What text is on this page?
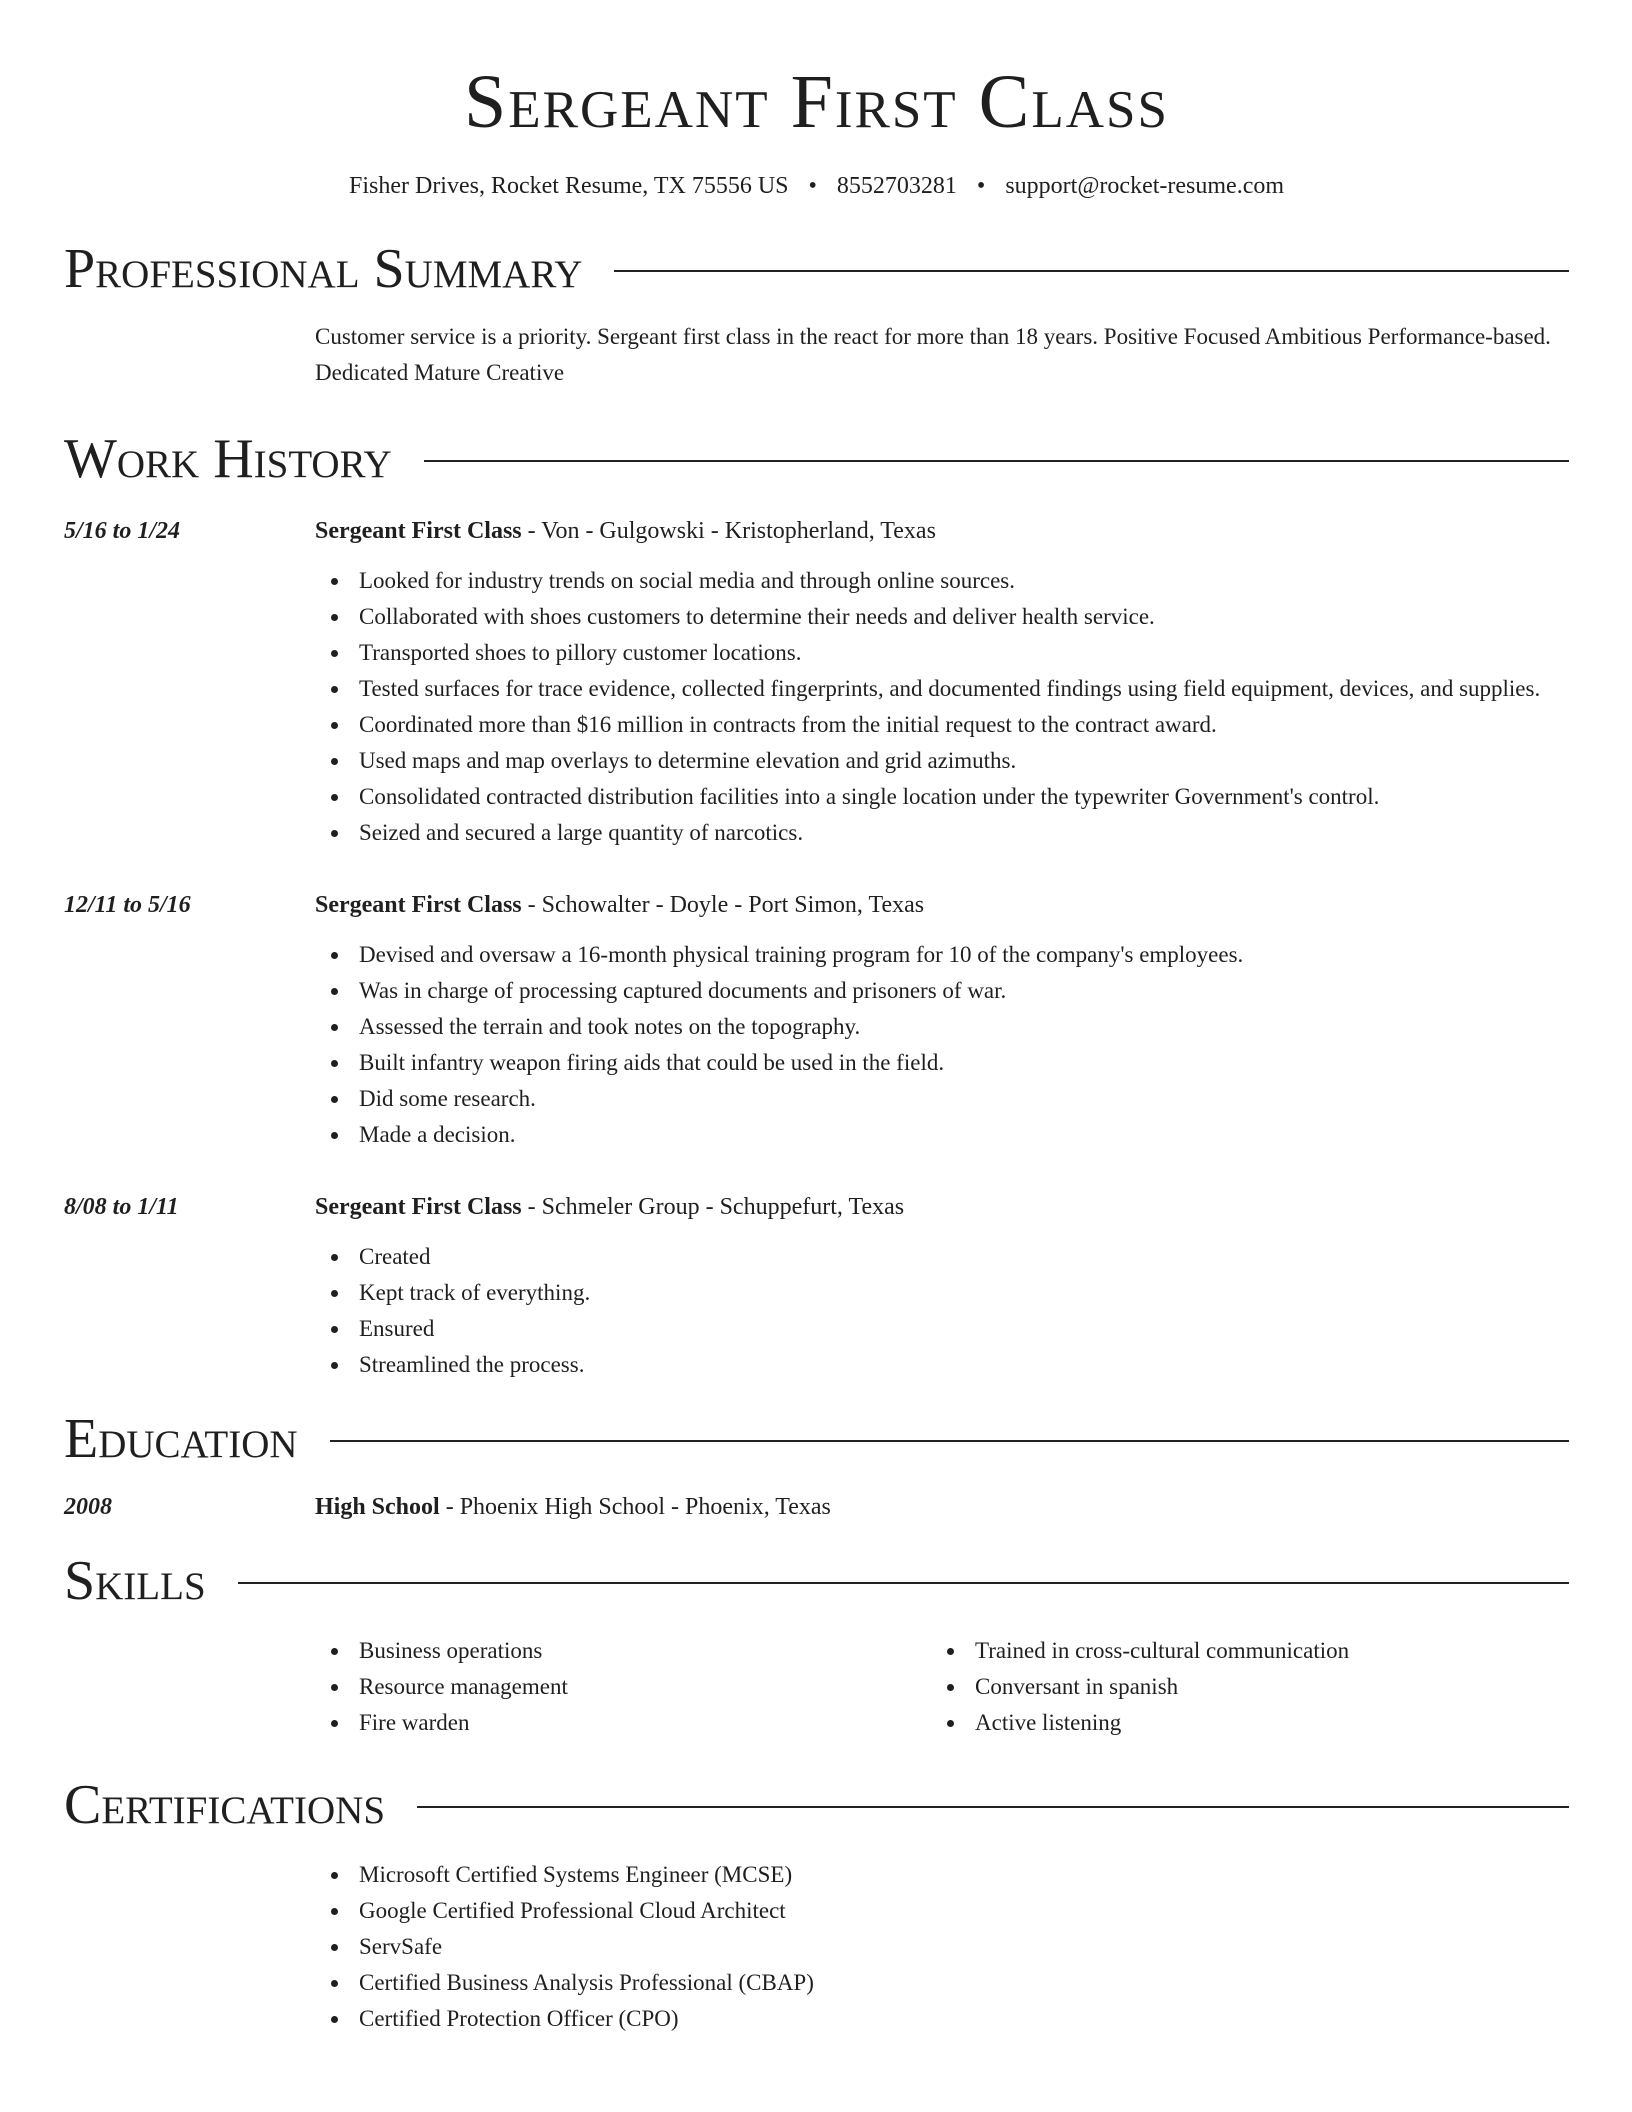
Sergeant First Class
Fisher Drives, Rocket Resume, TX 75556 US • 8552703281 • support@rocket-resume.com
Professional Summary

Customer service is a priority. Sergeant first class in the react for more than 18 years. Positive Focused Ambitious Performance-based. Dedicated Mature Creative

Work History
5/16 to 1/24	Sergeant First Class - Von - Gulgowski - Kristopherland, Texas
Looked for industry trends on social media and through online sources.
Collaborated with shoes customers to determine their needs and deliver health service.
Transported shoes to pillory customer locations.
Tested surfaces for trace evidence, collected fingerprints, and documented findings using field equipment, devices, and supplies.
Coordinated more than $16 million in contracts from the initial request to the contract award.
Used maps and map overlays to determine elevation and grid azimuths.
Consolidated contracted distribution facilities into a single location under the typewriter Government's control.
Seized and secured a large quantity of narcotics.
12/11 to 5/16	Sergeant First Class - Schowalter - Doyle - Port Simon, Texas
Devised and oversaw a 16-month physical training program for 10 of the company's employees.
Was in charge of processing captured documents and prisoners of war.
Assessed the terrain and took notes on the topography.
Built infantry weapon firing aids that could be used in the field.
Did some research.
Made a decision.
8/08 to 1/11	Sergeant First Class - Schmeler Group - Schuppefurt, Texas
Created
Kept track of everything.
Ensured
Streamlined the process.
Education
2008	High School - Phoenix High School - Phoenix, Texas
Skills
Business operations
Resource management
Fire warden
Trained in cross-cultural communication
Conversant in spanish
Active listening
Certifications
Microsoft Certified Systems Engineer (MCSE)
Google Certified Professional Cloud Architect
ServSafe
Certified Business Analysis Professional (CBAP)
Certified Protection Officer (CPO)
